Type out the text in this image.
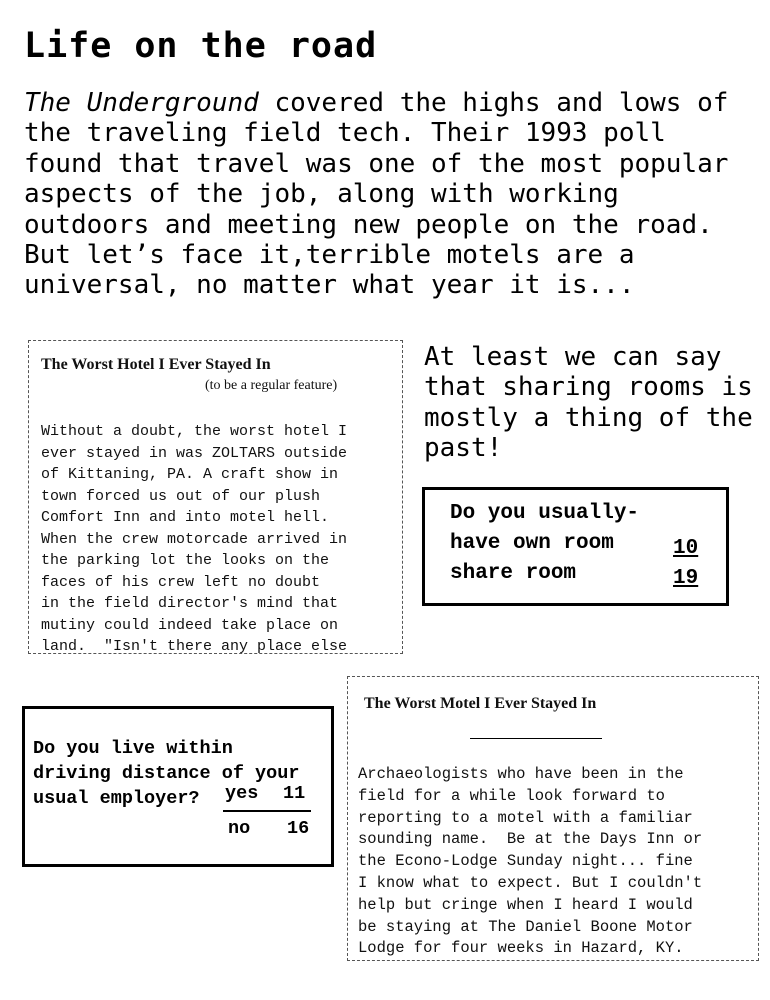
Life on the road
The Underground covered the highs and lows of the traveling field tech. Their 1993 poll found that travel was one of the most popular aspects of the job, along with working outdoors and meeting new people on the road. But let’s face it,terrible motels are a universal, no matter what year it is...
At least we can say that sharing rooms is mostly a thing of the past!
The Worst Hotel I Ever Stayed In
(to be a regular feature)
Without a doubt, the worst hotel I
ever stayed in was ZOLTARS outside
of Kittaning, PA. A craft show in
town forced us out of our plush
Comfort Inn and into motel hell.
When the crew motorcade arrived in
the parking lot the looks on the
faces of his crew left no doubt
in the field director's mind that
mutiny could indeed take place on
land.  "Isn't there any place else
Do you usually-
have own room	10
share room	19
Do you live within
driving distance of your
usual employer?	yes 11
no 16
The Worst Motel I Ever Stayed In
Archaeologists who have been in the
field for a while look forward to
reporting to a motel with a familiar
sounding name.  Be at the Days Inn or
the Econo-Lodge Sunday night... fine
I know what to expect. But I couldn't
help but cringe when I heard I would
be staying at The Daniel Boone Motor
Lodge for four weeks in Hazard, KY.
